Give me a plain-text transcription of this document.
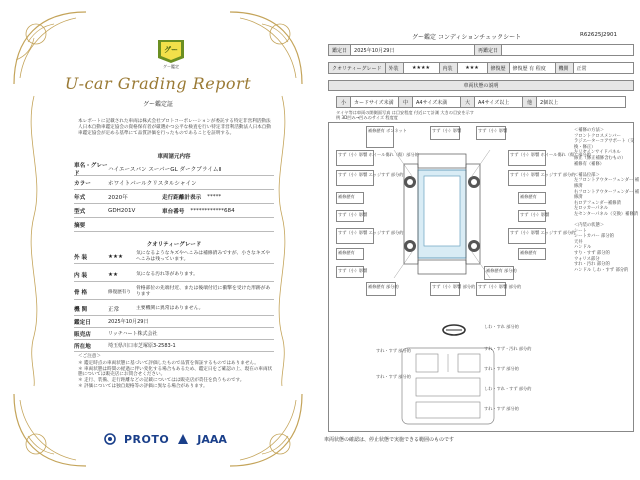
グー
グー鑑定
U-car Grading Report
グー鑑定証
本レポートに記載された車両は株式会社プロトコーポレーションが委託する特定非営利活動法人日本自動車鑑定協会の資格保有者が厳選かつ公平な検査を行い特定非営利活動法人日本自動車鑑定協会が定める基準にて品質評価を行ったものであることを証明する。
車両諸元内容
車名・グレード
ハイエースバン スーパーGL ダークプライムⅡ
カラー	ホワイトパールクリスタルシャイン
年式	2020年	走行距離計表示 *****
型式	GDH201V	車台番号 ************684
摘要
クオリティーグレード
外 装	★★★
気になるようなキズやへこみは補修済みですが、小さなキズやへこみは残っています。
内 装	★★	気になる汚れ等があります。
骨 格	修復歴有り
骨格部位の先端付近、または後端付近に衝撃を受けた形跡があります
機 関	正常	主要機関に異常はありません。
鑑定日	2025年10月29日
販売店	リッチハート株式会社
所在地	埼玉県川口市芝塚原3-2583-1
＜ご注意＞
＊ 鑑定時点の車両状態に基づいて評価したもので品質を保証するものではありません。
＊ 車両状態は時間の経過に伴い変化する場合もあるため、鑑定日をご確認の上、現在の車両状態については販売店にお問合せください。
＊ 走行、装備、走行距離などの記載についてはは販売店が責任を負うものです。
＊ 評価については独自規格等の評価に異なる場合があります。
PROTO	JAAA
グー鑑定 コンディションチェックシート	R62625J2901
鑑定日	2025年10月29日	再鑑定日	
クオリティーグレード	外装	★★★★	内装	★★★	修復歴	修復歴 有 程度	機関	正常
車両状態の説明
小	カードサイズ未満	中	A4サイズ未満	大	A4サイズ以上	他	2個以上
タイヤ等は車両の開側面写真 は目安程度 付近にて計測 大きの目安を示す
例 3D凹み→凹みのサイズ 程度度
補修歴有 ボンネット
すず（小）影響 ホイール傷れ（傷）部分的
すず（小）影響 エッジすず 部分的
補修歴有
すず（小）影響
すず（小）影響 エッジすず 部分的
補修歴有
すず（小）影響
補修歴有 部分的
すず（小）影響	すず（小）影響
すず（小）影響 ホイール傷れ（傷）部分的
すず（小）影響 エッジすず 部分的
補修歴有
すず（小）影響
すず（小）影響 エッジすず 部分的
補修歴有
補修歴有 部分的
すず（小）影響 部分的 すず（小）影響 部分的
すれ・すず 部分的
しわ・すれ 部分的
すれ・すず・汚れ 部分的
すれ・すず 部分的
しわ・すれ・すず 部分的
すれ・すず 部分的
すれ・すず 部分的
＜補修の方法＞
フロントクロスメンバー
ラジエーターコアサポート（交換・修正）
左リヤインサイドパネル
修正（修正補修含むもの）
補修有（補修）

＜補品位部＞
左フロントアウターフェンダー 補修済
右フロントアウターフェンダー 補修済
右ロアフェンダー補修済
左ロッカーパネル
左センターパネル（交換）補修済

＜内装の状態＞
シート
シートカバー 部分的
天井
ハンドル
すり・すず 部分的
ウォリス部分
すれ・汚れ 部分的
ハンドル しわ・すず 部分的
車両状態の確認は、停止状態で実施できる範囲のものです
